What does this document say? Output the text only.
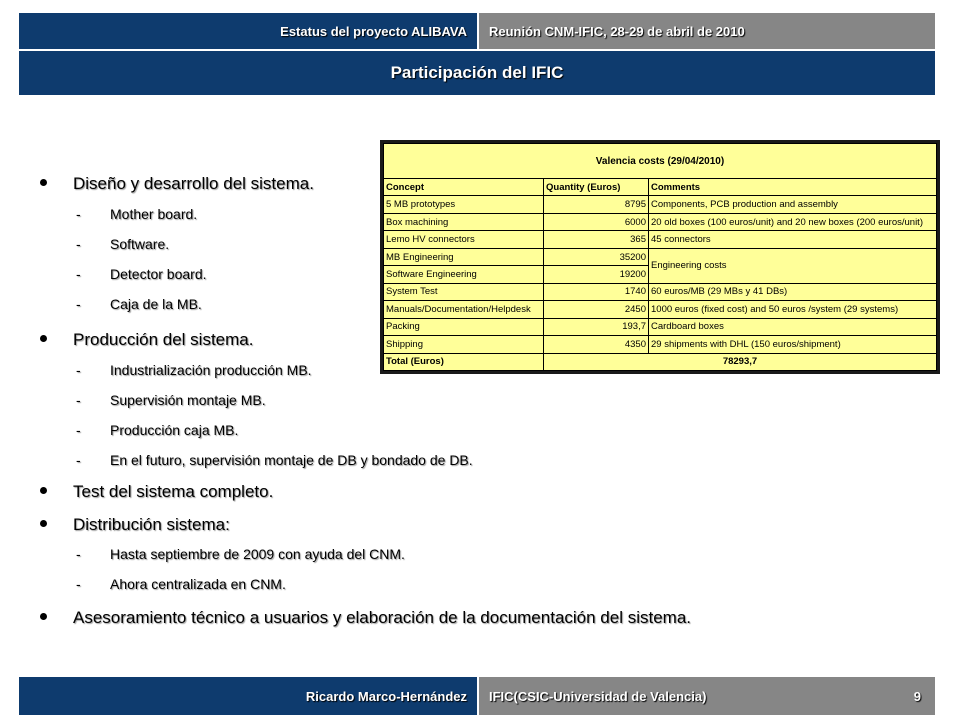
Estatus del proyecto ALIBAVA Reunión CNM-IFIC, 28-29 de abril de 2010
Participación del IFIC
Diseño y desarrollo del sistema.
- Mother board.
- Software.
- Detector board.
- Caja de la MB.
Producción del sistema.
- Industrialización producción MB.
- Supervisión montaje MB.
- Producción caja MB.
- En el futuro, supervisión montaje de DB y bondado de DB.
Test del sistema completo.
Distribución sistema:
- Hasta septiembre de 2009 con ayuda del CNM.
- Ahora centralizada en CNM.
Asesoramiento técnico a usuarios y elaboración de la documentación del sistema.
Valencia costs (29/04/2010)		
Concept	Quantity (Euros)	Comments
5 MB prototypes	8795	Components, PCB production and assembly
Box machining	6000	20 old boxes (100 euros/unit) and 20 new boxes (200 euros/unit)
Lemo HV connectors	365	45 connectors
MB Engineering	35200	Engineering costs
Software Engineering	19200	
System Test	1740	60 euros/MB (29 MBs y 41 DBs)
Manuals/Documentation/Helpdesk	2450	1000 euros (fixed cost) and 50 euros /system (29 systems)
Packing	193,7	Cardboard boxes
Shipping	4350	29 shipments with DHL (150 euros/shipment)
Total (Euros)	78293,7	
Ricardo Marco-Hernández IFIC(CSIC-Universidad de Valencia)	9
